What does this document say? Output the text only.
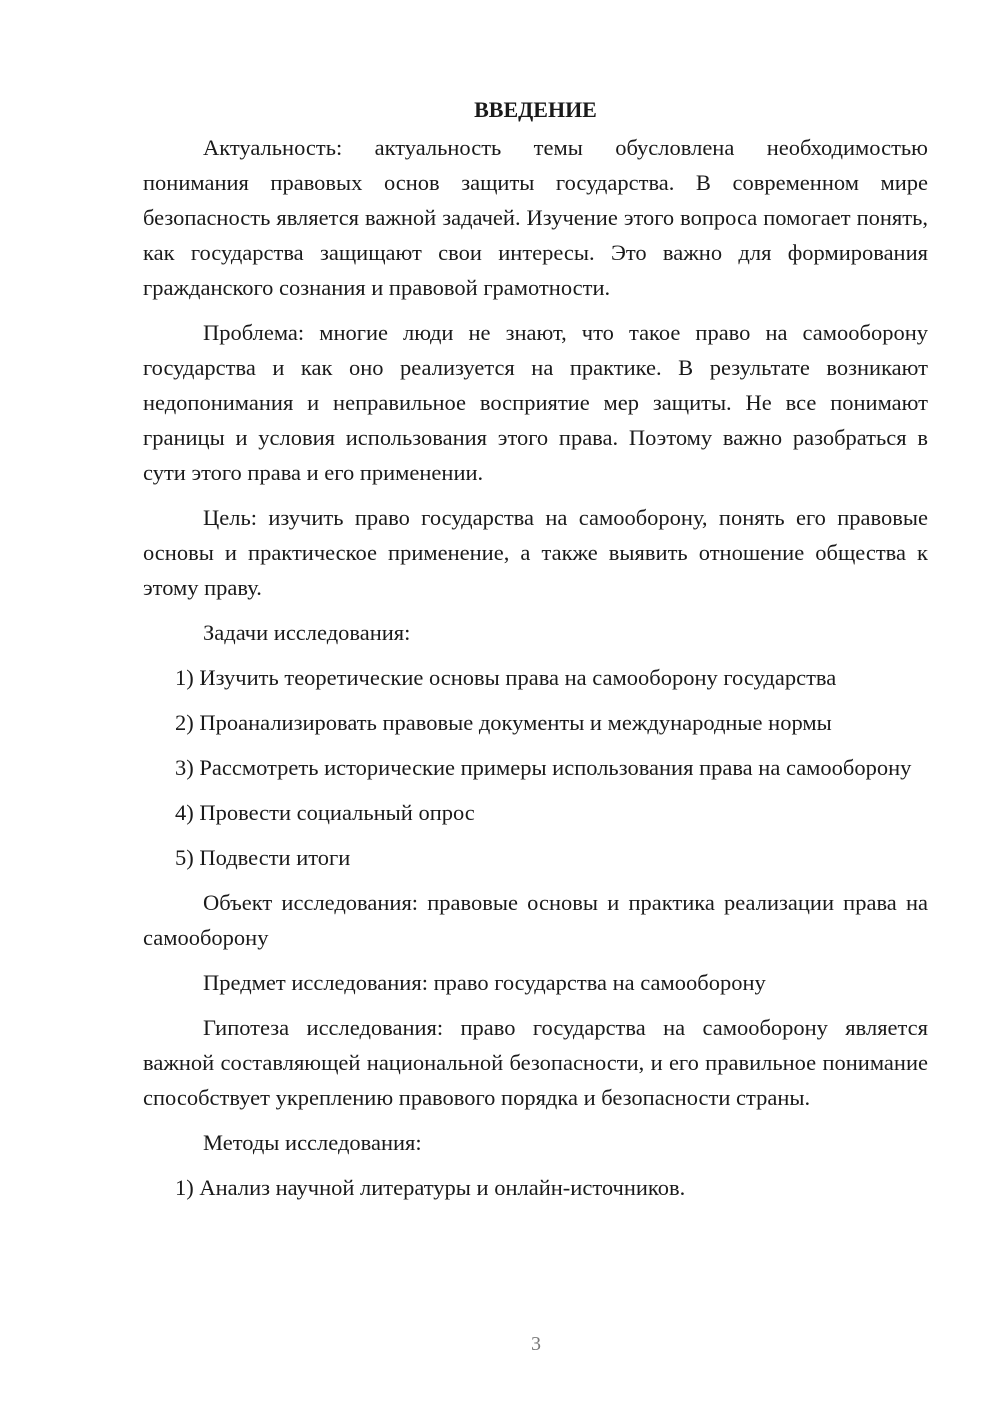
ВВЕДЕНИЕ

Актуальность: актуальность темы обусловлена необходимостью понимания правовых основ защиты государства. В современном мире безопасность является важной задачей. Изучение этого вопроса помогает понять, как государства защищают свои интересы. Это важно для формирования гражданского сознания и правовой грамотности.

Проблема: многие люди не знают, что такое право на самооборону государства и как оно реализуется на практике. В результате возникают недопонимания и неправильное восприятие мер защиты. Не все понимают границы и условия использования этого права. Поэтому важно разобраться в сути этого права и его применении.

Цель: изучить право государства на самооборону, понять его правовые основы и практическое применение, а также выявить отношение общества к этому праву.

Задачи исследования:

1) Изучить теоретические основы права на самооборону государства

2) Проанализировать правовые документы и международные нормы

3) Рассмотреть исторические примеры использования права на самооборону

4) Провести социальный опрос

5) Подвести итоги

Объект исследования: правовые основы и практика реализации права на самооборону

Предмет исследования: право государства на самооборону

Гипотеза исследования: право государства на самооборону является важной составляющей национальной безопасности, и его правильное понимание способствует укреплению правового порядка и безопасности страны.

Методы исследования:

1) Анализ научной литературы и онлайн-источников.

3
